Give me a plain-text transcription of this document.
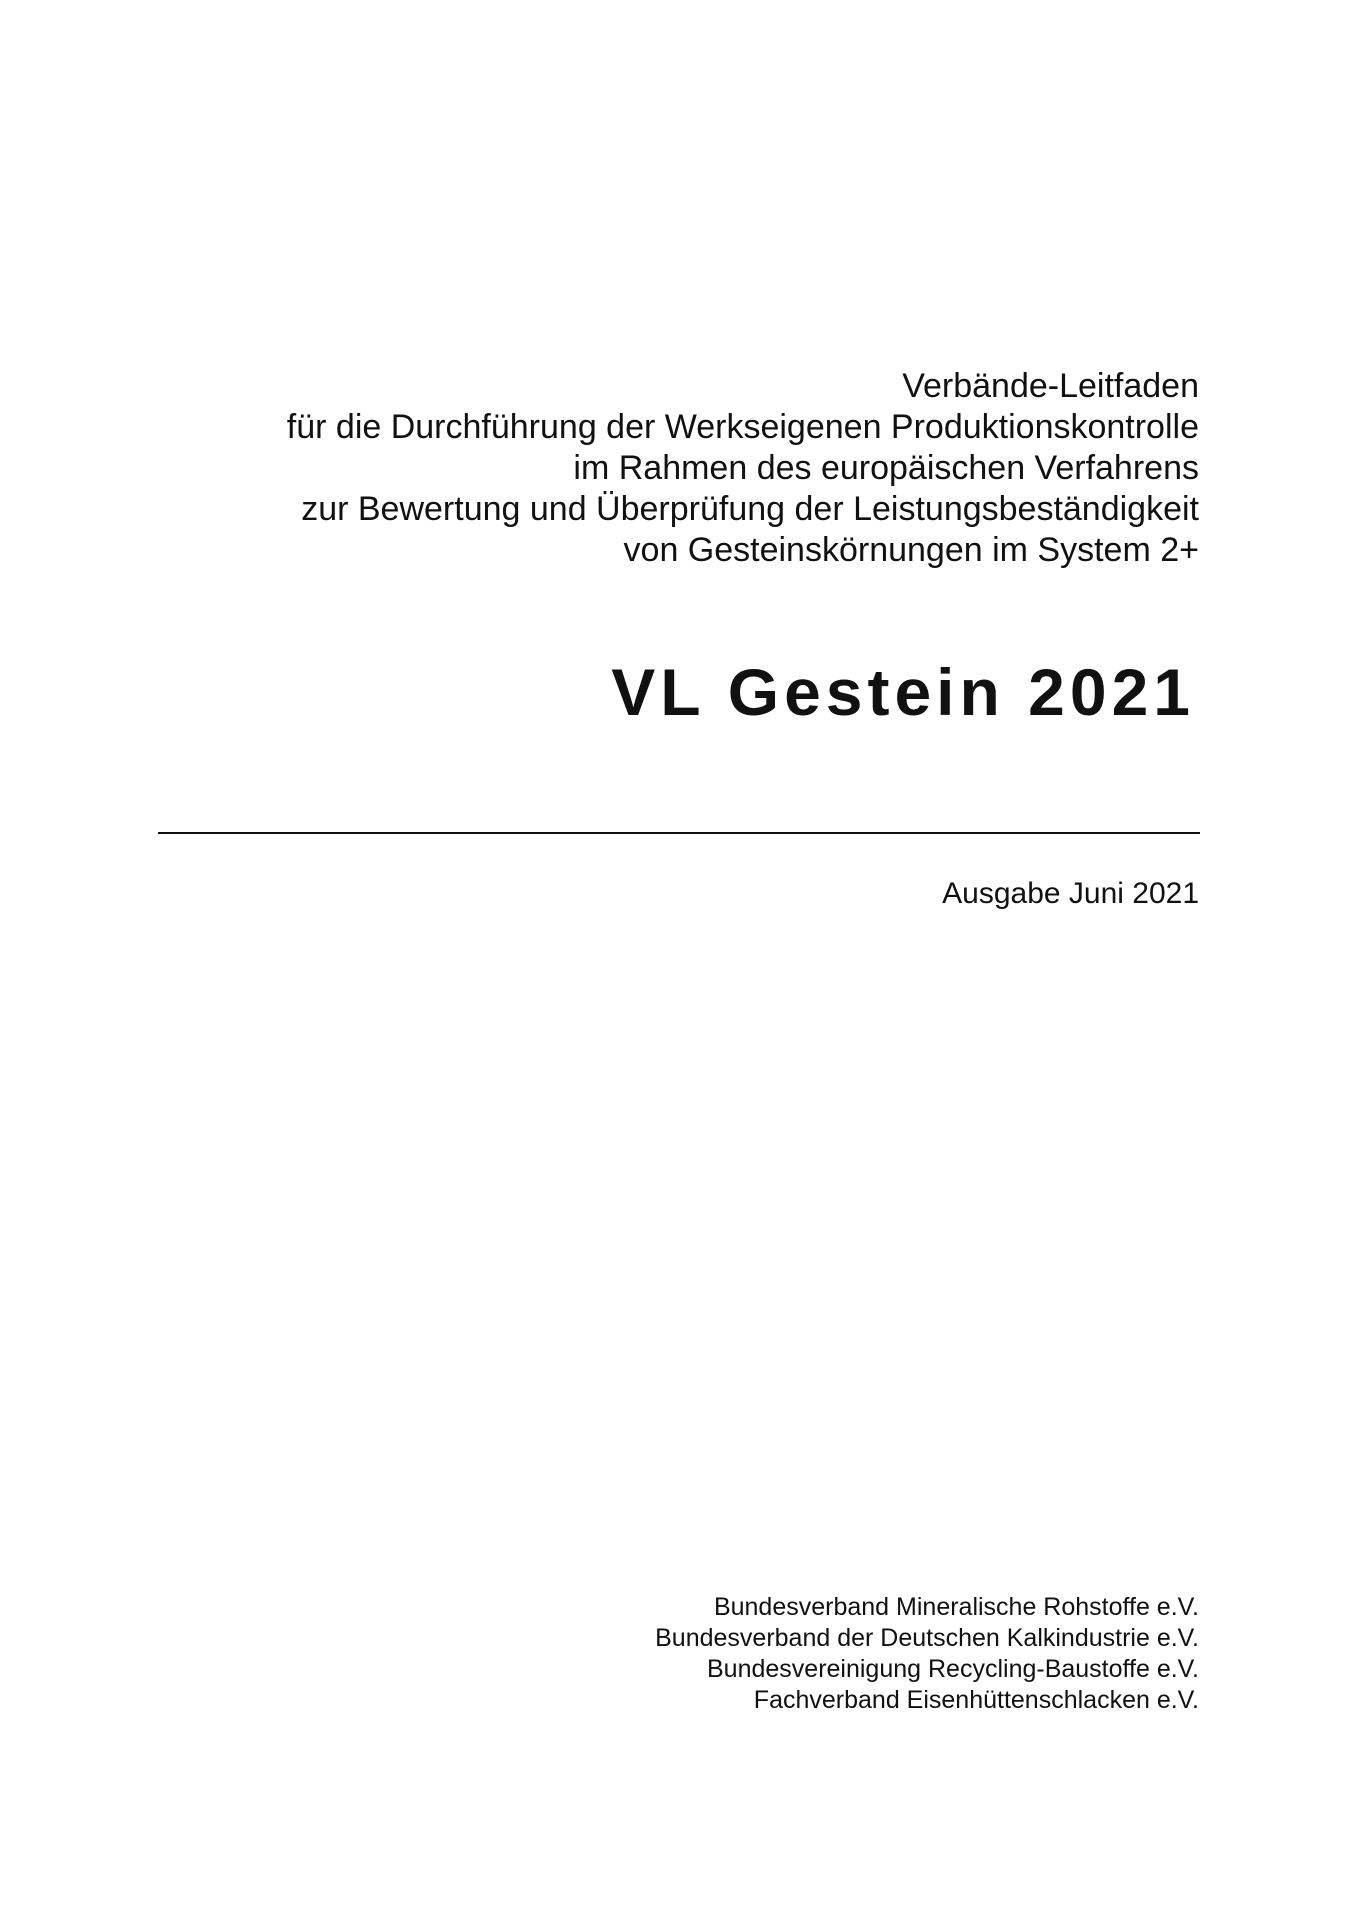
Verbände-Leitfaden
für die Durchführung der Werkseigenen Produktionskontrolle
im Rahmen des europäischen Verfahrens
zur Bewertung und Überprüfung der Leistungsbeständigkeit
von Gesteinskörnungen im System 2+
VL Gestein 2021
Ausgabe Juni 2021
Bundesverband Mineralische Rohstoffe e.V.
Bundesverband der Deutschen Kalkindustrie e.V.
Bundesvereinigung Recycling-Baustoffe e.V.
Fachverband Eisenhüttenschlacken e.V.
